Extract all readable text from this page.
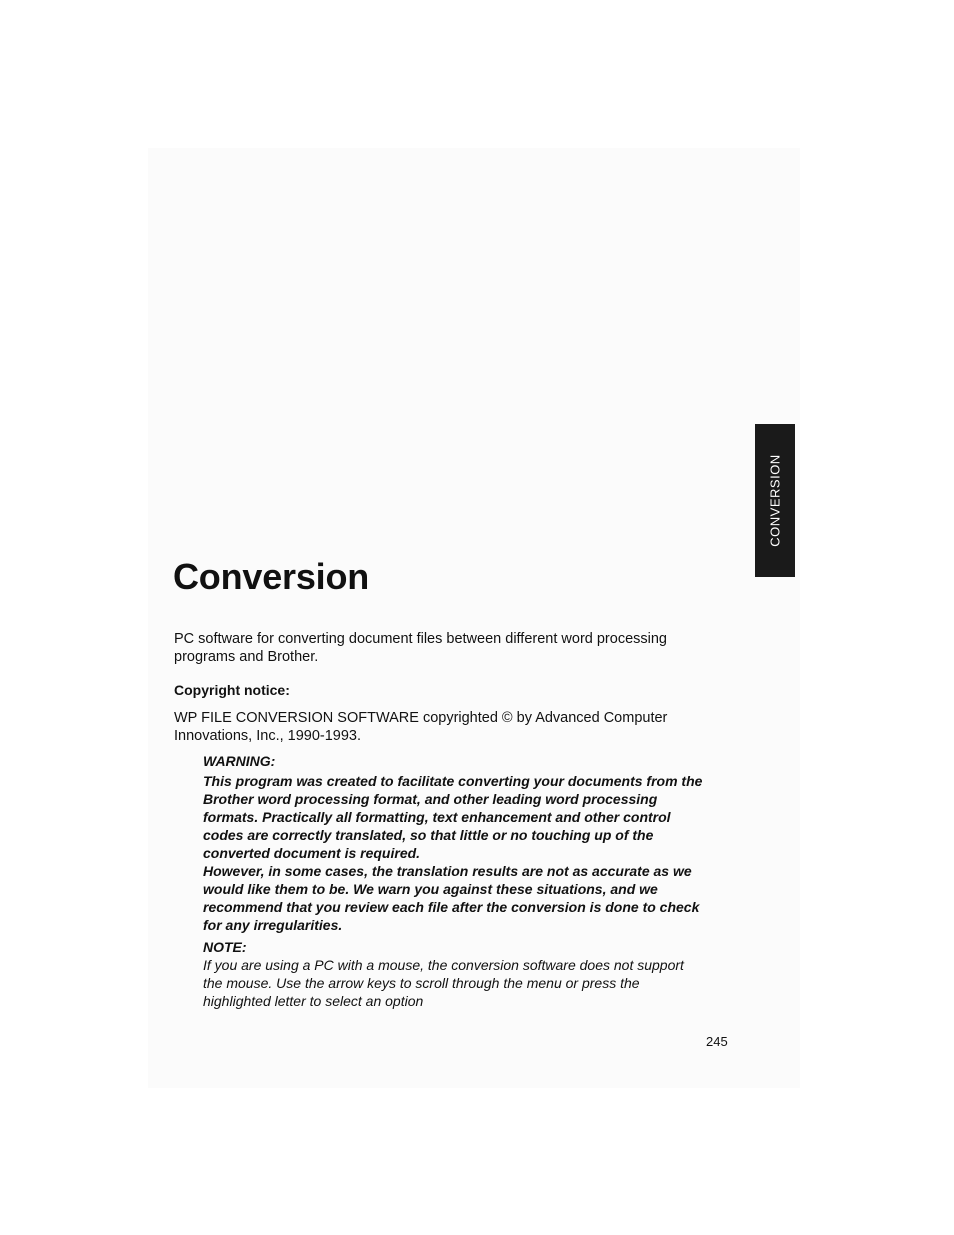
CONVERSION
Conversion

PC software for converting document files between different word processing
programs and Brother.

Copyright notice:

WP FILE CONVERSION SOFTWARE copyrighted © by Advanced Computer
Innovations, Inc., 1990-1993.

WARNING:
This program was created to facilitate converting your documents from the
Brother word processing format, and other leading word processing
formats. Practically all formatting, text enhancement and other control
codes are correctly translated, so that little or no touching up of the
converted document is required.
However, in some cases, the translation results are not as accurate as we
would like them to be. We warn you against these situations, and we
recommend that you review each file after the conversion is done to check
for any irregularities.
NOTE:
If you are using a PC with a mouse, the conversion software does not support
the mouse. Use the arrow keys to scroll through the menu or press the
highlighted letter to select an option
245
